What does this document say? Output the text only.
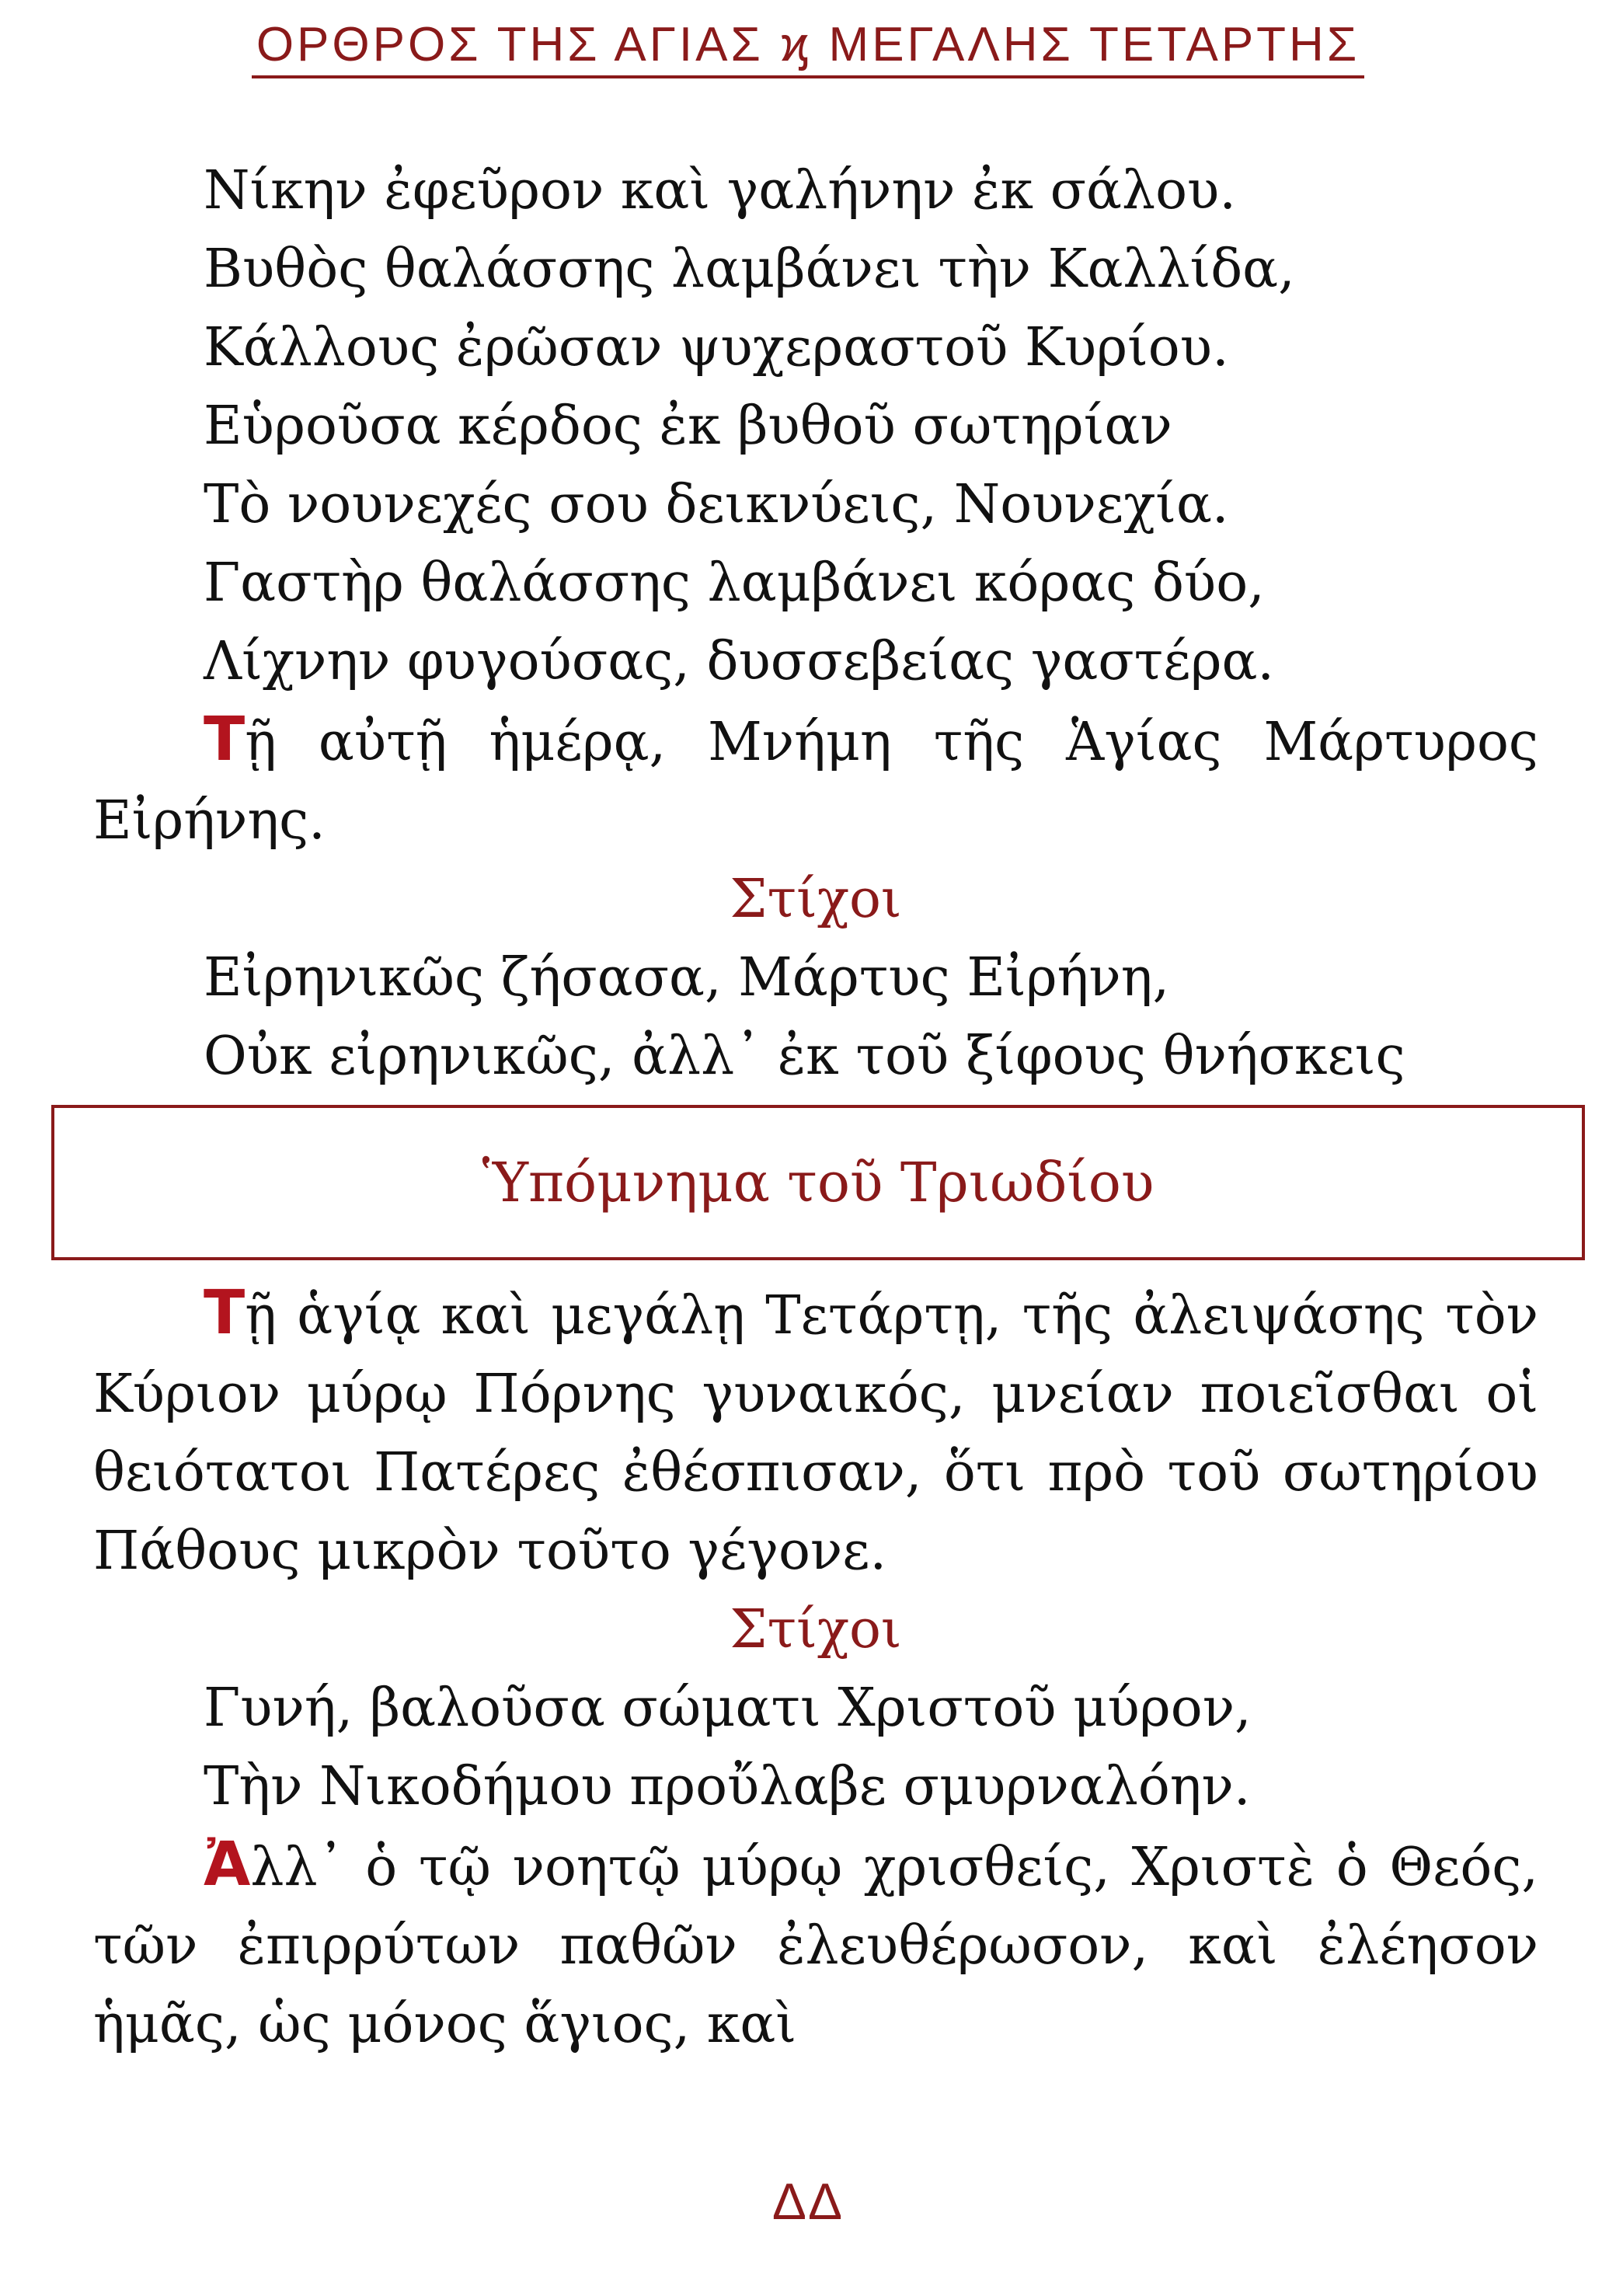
ΟΡΘΡΟΣ ΤΗΣ ΑΓΙΑΣ ϗ ΜΕΓΑΛΗΣ ΤΕΤΑΡΤΗΣ
Νίκην ἐφεῦρον καὶ γαλήνην ἐκ σάλου.
Βυθὸς θαλάσσης λαμβάνει τὴν Καλλίδα,
Κάλλους ἐρῶσαν ψυχεραστοῦ Κυρίου.
Εὑροῦσα κέρδος ἐκ βυθοῦ σωτηρίαν
Τὸ νουνεχές σου δεικνύεις, Νουνεχία.
Γαστὴρ θαλάσσης λαμβάνει κόρας δύο,
Λίχνην φυγούσας, δυσσεβείας γαστέρα.
Τῇ αὐτῇ ἡμέρᾳ, Μνήμη τῆς Ἁγίας Μάρτυρος Εἰρήνης.
Στίχοι
Εἰρηνικῶς ζήσασα, Μάρτυς Εἰρήνη,
Οὐκ εἰρηνικῶς, ἀλλ᾽ ἐκ τοῦ ξίφους θνήσκεις
Ὑπόμνημα τοῦ Τριωδίου
Τῇ ἁγίᾳ καὶ μεγάλῃ Τετάρτῃ, τῆς ἀλειψάσης τὸν Κύριον μύρῳ Πόρνης γυναικός, μνείαν ποιεῖσθαι οἱ θειότατοι Πατέρες ἐθέσπισαν, ὅτι πρὸ τοῦ σωτηρίου Πάθους μικρὸν τοῦτο γέγονε.
Στίχοι
Γυνή, βαλοῦσα σώματι Χριστοῦ μύρον,
Τὴν Νικοδήμου προὔλαβε σμυρναλόην.
Ἀλλ᾽ ὁ τῷ νοητῷ μύρῳ χρισθείς, Χριστὲ ὁ Θεός, τῶν ἐπιρρύτων παθῶν ἐλευθέρωσον, καὶ ἐλέησον ἡμᾶς, ὡς μόνος ἅγιος, καὶ
ΔΔ
